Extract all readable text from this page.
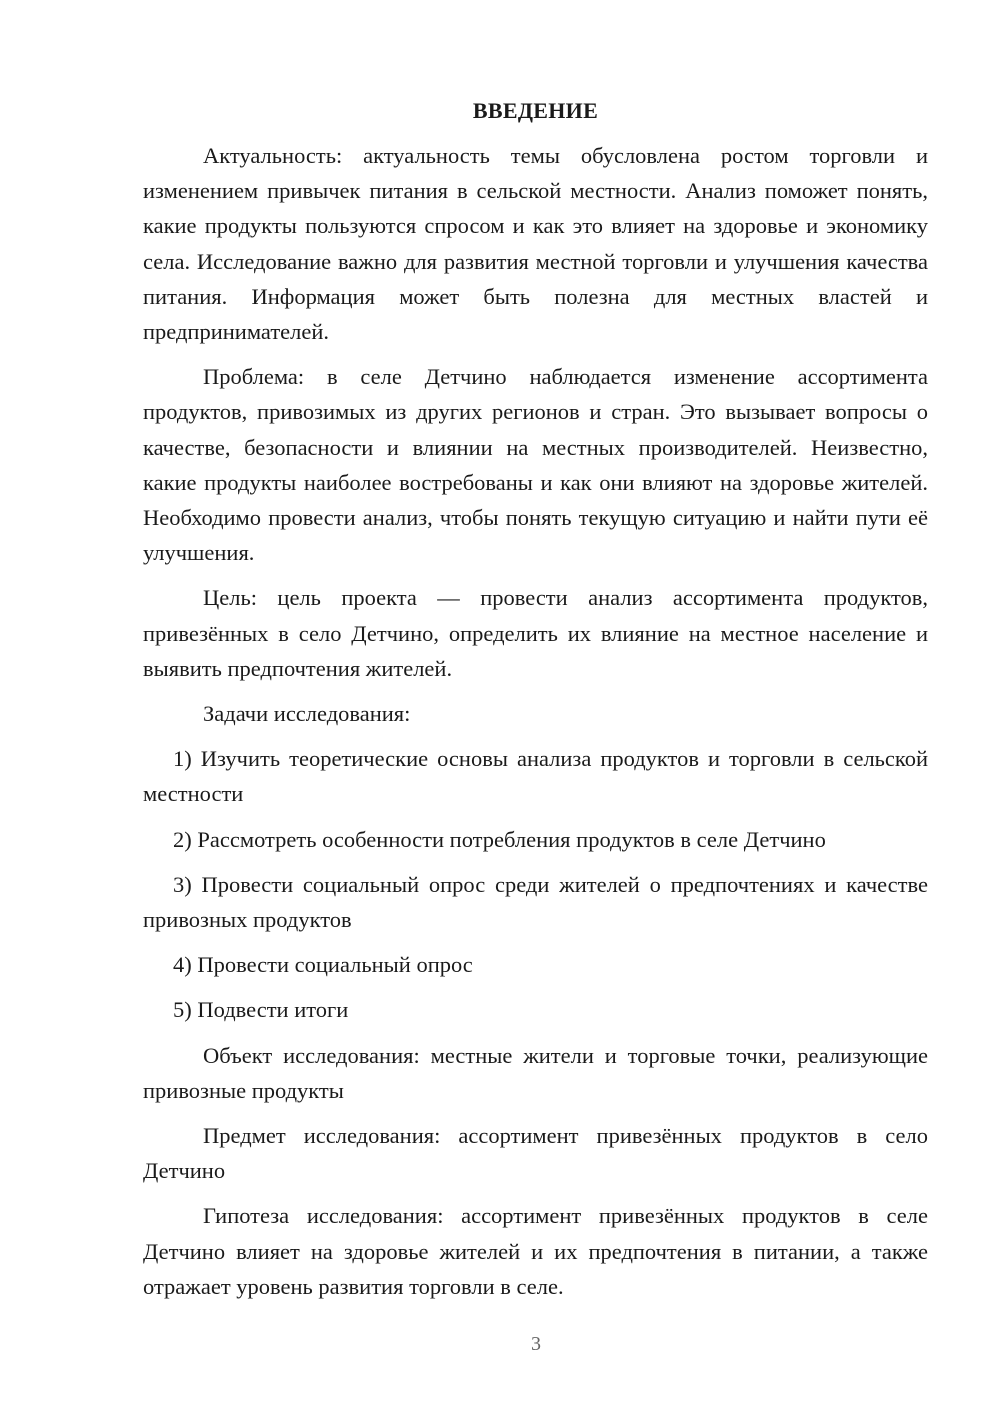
ВВЕДЕНИЕ

Актуальность: актуальность темы обусловлена ростом торговли и изменением привычек питания в сельской местности. Анализ поможет понять, какие продукты пользуются спросом и как это влияет на здоровье и экономику села. Исследование важно для развития местной торговли и улучшения качества питания. Информация может быть полезна для местных властей и предпринимателей.

Проблема: в селе Детчино наблюдается изменение ассортимента продуктов, привозимых из других регионов и стран. Это вызывает вопросы о качестве, безопасности и влиянии на местных производителей. Неизвестно, какие продукты наиболее востребованы и как они влияют на здоровье жителей. Необходимо провести анализ, чтобы понять текущую ситуацию и найти пути её улучшения.

Цель: цель проекта — провести анализ ассортимента продуктов, привезённых в село Детчино, определить их влияние на местное население и выявить предпочтения жителей.

Задачи исследования:

1) Изучить теоретические основы анализа продуктов и торговли в сельской местности

2) Рассмотреть особенности потребления продуктов в селе Детчино

3) Провести социальный опрос среди жителей о предпочтениях и качестве привозных продуктов

4) Провести социальный опрос

5) Подвести итоги

Объект исследования: местные жители и торговые точки, реализующие привозные продукты

Предмет исследования: ассортимент привезённых продуктов в село Детчино

Гипотеза исследования: ассортимент привезённых продуктов в селе Детчино влияет на здоровье жителей и их предпочтения в питании, а также отражает уровень развития торговли в селе.

3
